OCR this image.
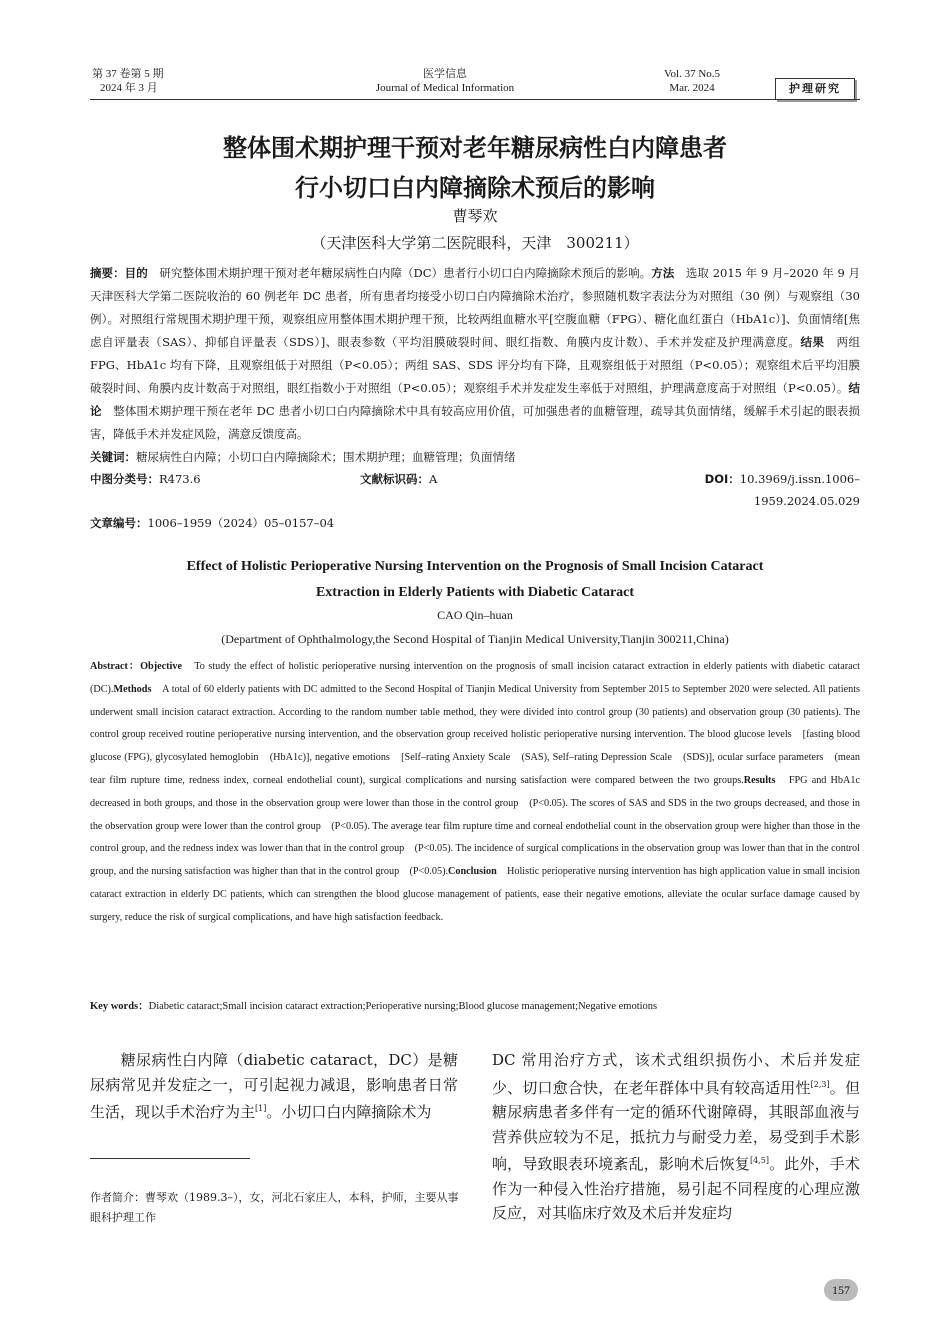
第 37 卷第 5 期
2024 年 3 月
医学信息
Journal of Medical Information
Vol. 37 No.5
Mar. 2024	护理研究
整体围术期护理干预对老年糖尿病性白内障患者
行小切口白内障摘除术预后的影响
曹琴欢
（天津医科大学第二医院眼科，天津　300211）
摘要：目的　研究整体围术期护理干预对老年糖尿病性白内障（DC）患者行小切口白内障摘除术预后的影响。方法　选取 2015 年 9 月–2020 年 9 月天津医科大学第二医院收治的 60 例老年 DC 患者，所有患者均接受小切口白内障摘除术治疗，参照随机数字表法分为对照组（30 例）与观察组（30 例）。对照组行常规围术期护理干预，观察组应用整体围术期护理干预，比较两组血糖水平[空腹血糖（FPG）、糖化血红蛋白（HbA1c）]、负面情绪[焦虑自评量表（SAS）、抑郁自评量表（SDS）]、眼表参数（平均泪膜破裂时间、眼红指数、角膜内皮计数）、手术并发症及护理满意度。结果　两组 FPG、HbA1c 均有下降，且观察组低于对照组（P<0.05）；两组 SAS、SDS 评分均有下降，且观察组低于对照组（P<0.05）；观察组术后平均泪膜破裂时间、角膜内皮计数高于对照组，眼红指数小于对照组（P<0.05）；观察组手术并发症发生率低于对照组，护理满意度高于对照组（P<0.05）。结论　整体围术期护理干预在老年 DC 患者小切口白内障摘除术中具有较高应用价值，可加强患者的血糖管理，疏导其负面情绪，缓解手术引起的眼表损害，降低手术并发症风险，满意反馈度高。
关键词：糖尿病性白内障；小切口白内障摘除术；围术期护理；血糖管理；负面情绪
中图分类号：R473.6	文献标识码：A	DOI：10.3969/j.issn.1006–1959.2024.05.029
文章编号：1006–1959（2024）05–0157–04
Effect of Holistic Perioperative Nursing Intervention on the Prognosis of Small Incision Cataract
Extraction in Elderly Patients with Diabetic Cataract
CAO Qin–huan
(Department of Ophthalmology,the Second Hospital of Tianjin Medical University,Tianjin 300211,China)
Abstract：Objective　To study the effect of holistic perioperative nursing intervention on the prognosis of small incision cataract extraction in elderly patients with diabetic cataract　(DC).Methods　A total of 60 elderly patients with DC admitted to the Second Hospital of Tianjin Medical University from September 2015 to September 2020 were selected. All patients underwent small incision cataract extraction. According to the random number table method, they were divided into control group (30 patients) and observation group (30 patients). The control group received routine perioperative nursing intervention, and the observation group received holistic perioperative nursing intervention. The blood glucose levels　[fasting blood glucose (FPG), glycosylated hemoglobin　(HbA1c)], negative emotions　[Self–rating Anxiety Scale　(SAS), Self–rating Depression Scale　(SDS)], ocular surface parameters　(mean tear film rupture time, redness index, corneal endothelial count), surgical complications and nursing satisfaction were compared between the two groups.Results　FPG and HbA1c decreased in both groups, and those in the observation group were lower than those in the control group　(P<0.05). The scores of SAS and SDS in the two groups decreased, and those in the observation group were lower than the control group　(P<0.05). The average tear film rupture time and corneal endothelial count in the observation group were higher than those in the control group, and the redness index was lower than that in the control group　(P<0.05). The incidence of surgical complications in the observation group was lower than that in the control group, and the nursing satisfaction was higher than that in the control group　(P<0.05).Conclusion　Holistic perioperative nursing intervention has high application value in small incision cataract extraction in elderly DC patients, which can strengthen the blood glucose management of patients, ease their negative emotions, alleviate the ocular surface damage caused by surgery, reduce the risk of surgical complications, and have high satisfaction feedback.
Key words：Diabetic cataract;Small incision cataract extraction;Perioperative nursing;Blood glucose management;Negative emotions
　　糖尿病性白内障（diabetic cataract，DC）是糖尿病常见并发症之一，可引起视力减退，影响患者日常生活，现以手术治疗为主[1]。小切口白内障摘除术为
DC 常用治疗方式，该术式组织损伤小、术后并发症少、切口愈合快，在老年群体中具有较高适用性[2,3]。但糖尿病患者多伴有一定的循环代谢障碍，其眼部血液与营养供应较为不足，抵抗力与耐受力差，易受到手术影响，导致眼表环境紊乱，影响术后恢复[4,5]。此外，手术作为一种侵入性治疗措施，易引起不同程度的心理应激反应，对其临床疗效及术后并发症均
作者简介：曹琴欢（1989.3–），女，河北石家庄人，本科，护师，主要从事眼科护理工作
157
